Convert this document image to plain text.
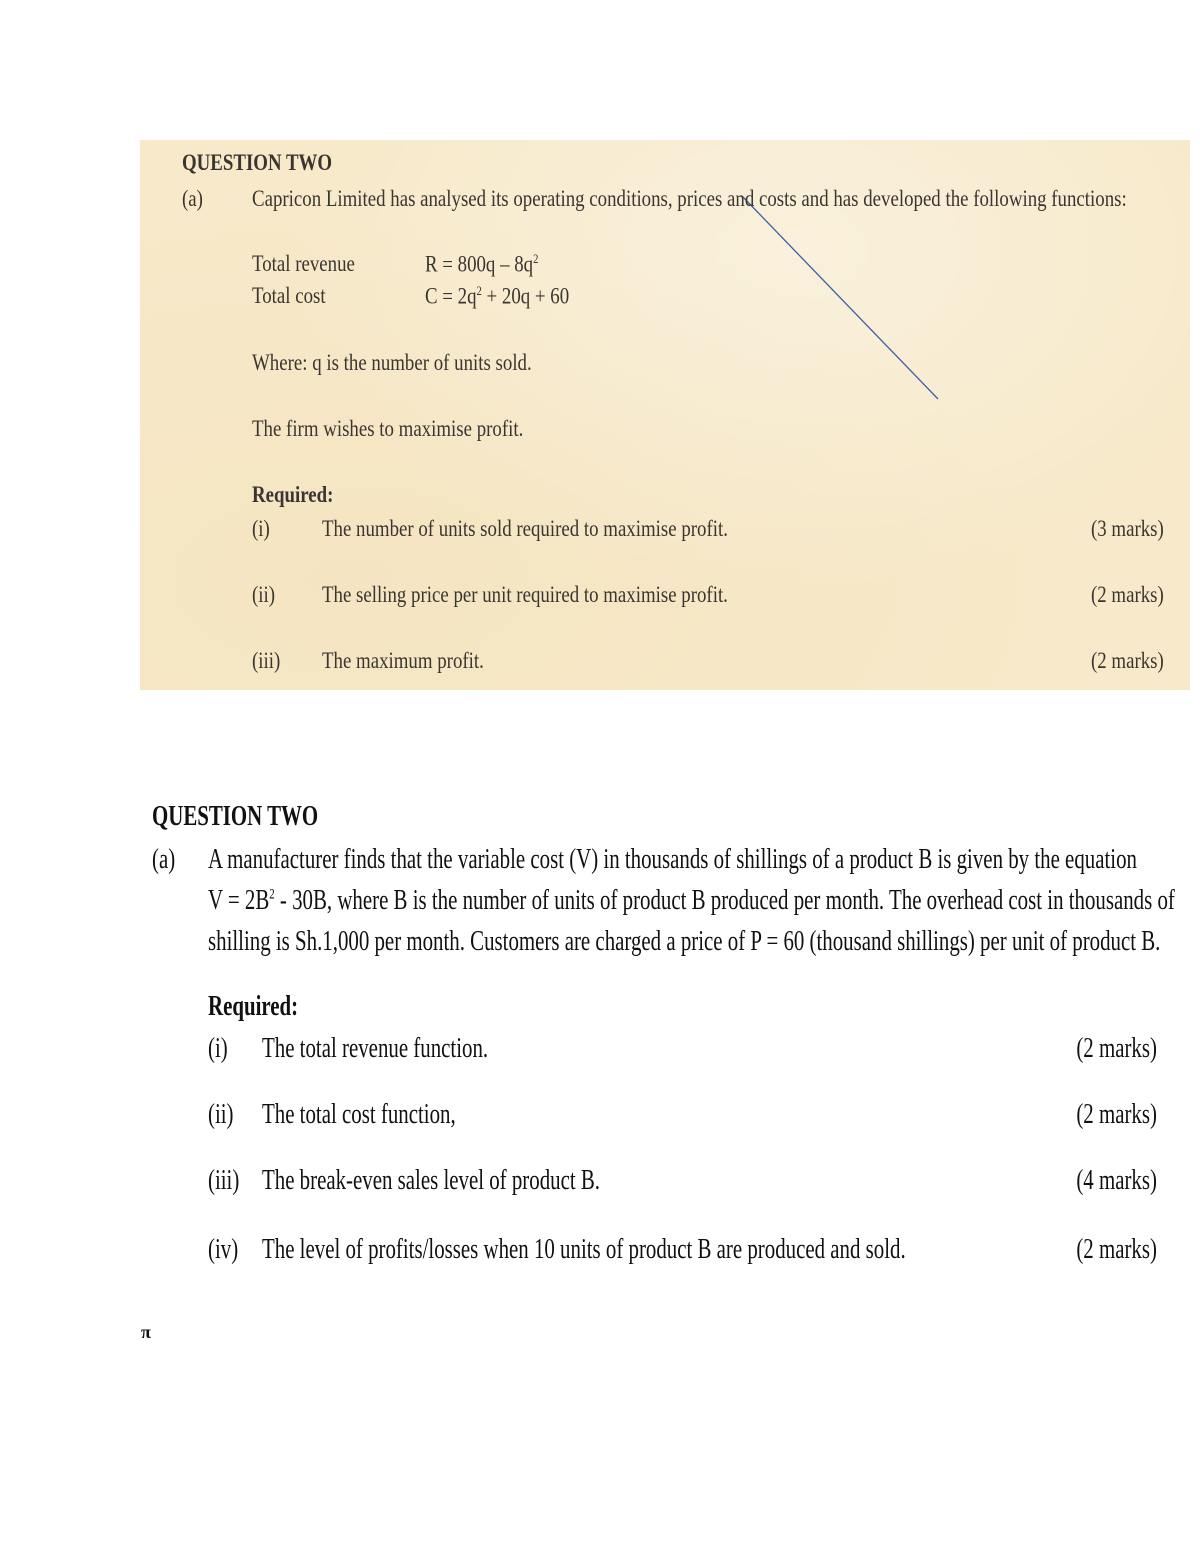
QUESTION TWO
(a) Capricon Limited has analysed its operating conditions, prices and costs and has developed the following functions:
Total revenue	$R = 800q - 8q^2$
Total cost	$C = 2q^2 + 20q + 60$
Where: q is the number of units sold.
The firm wishes to maximise profit.
Required:
(i) The number of units sold required to maximise profit.	(3 marks)
(ii) The selling price per unit required to maximise profit.	(2 marks)
(iii) The maximum profit.	(2 marks)
QUESTION TWO
(a) A manufacturer finds that the variable cost (V) in thousands of shillings of a product B is given by the equation
$V = 2B^2 - 30B$, where B is the number of units of product B produced per month. The overhead cost in thousands of
shilling is Sh.1,000 per month. Customers are charged a price of P = 60 (thousand shillings) per unit of product B.
Required:
(i) The total revenue function.	(2 marks)
(ii) The total cost function,	(2 marks)
(iii) The break-even sales level of product B.	(4 marks)
(iv) The level of profits/losses when 10 units of product B are produced and sold.	(2 marks)
π
